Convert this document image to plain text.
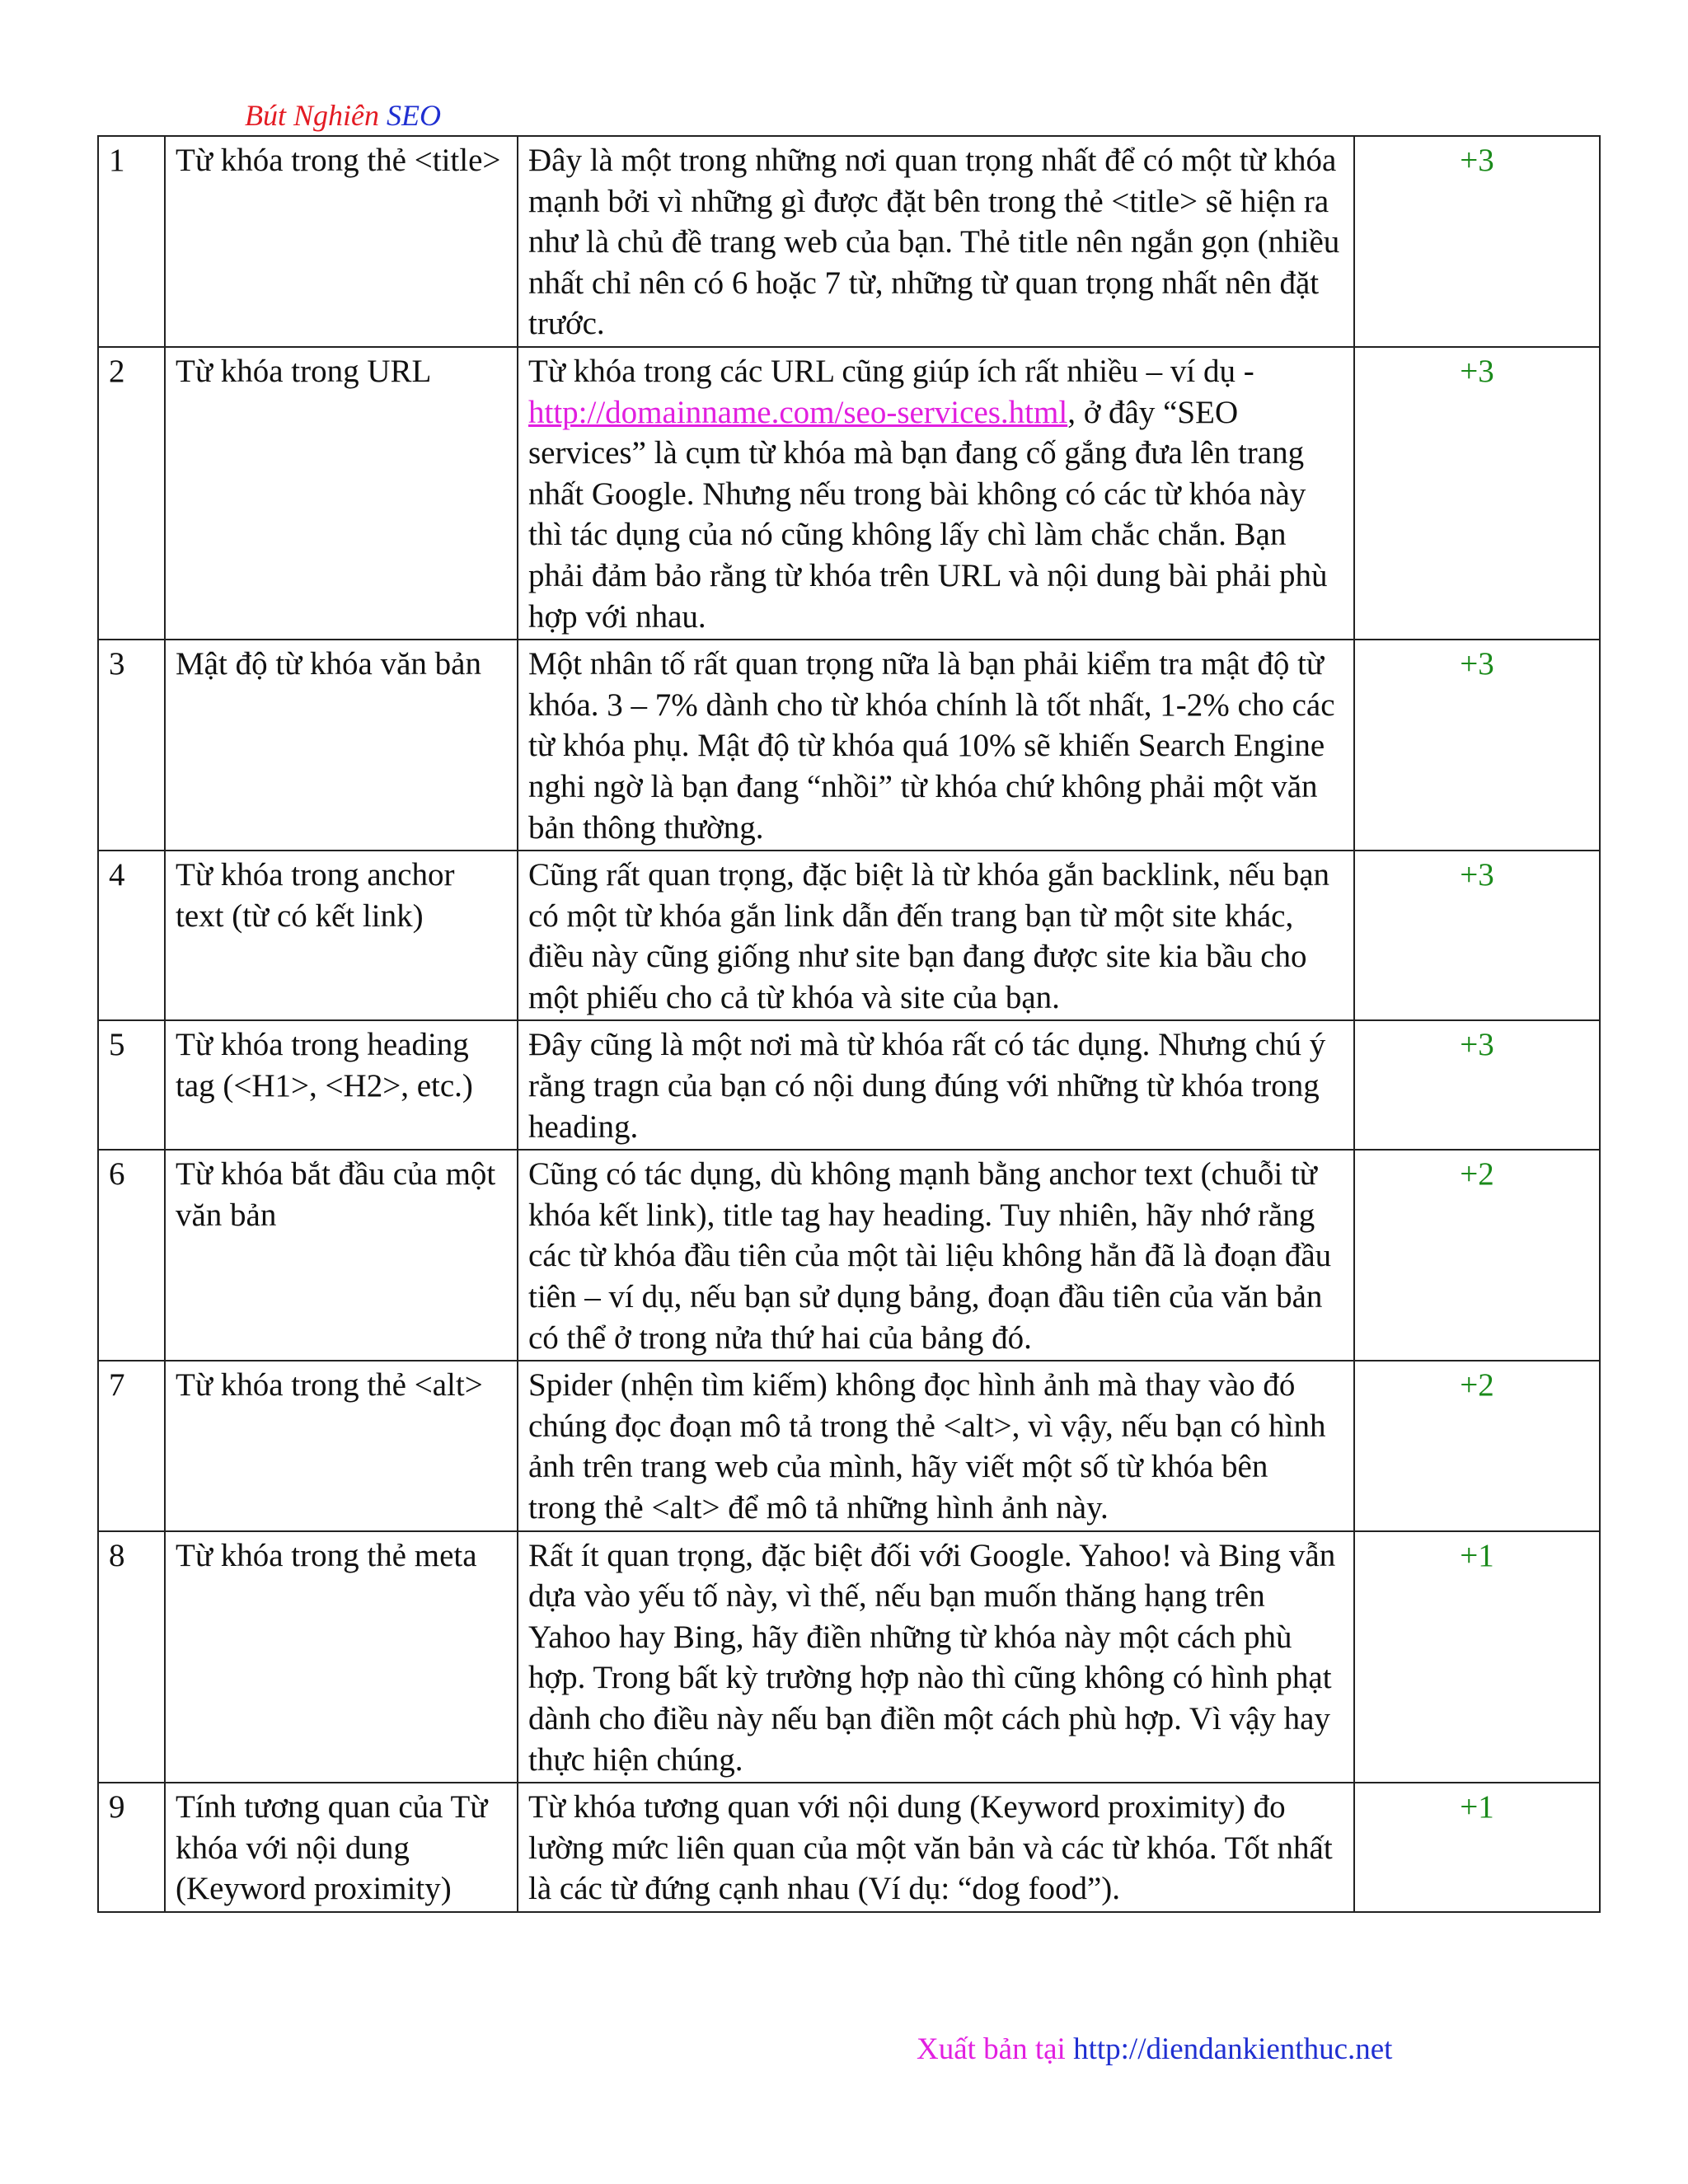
Bút Nghiên SEO
1	Từ khóa trong thẻ <title>	Đây là một trong những nơi quan trọng nhất để có một từ khóa mạnh bởi vì những gì được đặt bên trong thẻ <title> sẽ hiện ra như là chủ đề trang web của bạn. Thẻ title nên ngắn gọn (nhiều nhất chỉ nên có 6 hoặc 7 từ, những từ quan trọng nhất nên đặt trước.	+3
2	Từ khóa trong URL	Từ khóa trong các URL cũng giúp ích rất nhiều – ví dụ - http://domainname.com/seo-services.html, ở đây “SEO services” là cụm từ khóa mà bạn đang cố gắng đưa lên trang nhất Google. Nhưng nếu trong bài không có các từ khóa này thì tác dụng của nó cũng không lấy chì làm chắc chắn. Bạn phải đảm bảo rằng từ khóa trên URL và nội dung bài phải phù hợp với nhau.	+3
3	Mật độ từ khóa văn bản	Một nhân tố rất quan trọng nữa là bạn phải kiểm tra mật độ từ khóa. 3 – 7% dành cho từ khóa chính là tốt nhất, 1-2% cho các từ khóa phụ. Mật độ từ khóa quá 10% sẽ khiến Search Engine nghi ngờ là bạn đang “nhồi” từ khóa chứ không phải một văn bản thông thường.	+3
4	Từ khóa trong anchor text (từ có kết link)	Cũng rất quan trọng, đặc biệt là từ khóa gắn backlink, nếu bạn có một từ khóa gắn link dẫn đến trang bạn từ một site khác, điều này cũng giống như site bạn đang được site kia bầu cho một phiếu cho cả từ khóa và site của bạn.	+3
5	Từ khóa trong heading tag (<H1>, <H2>, etc.)	Đây cũng là một nơi mà từ khóa rất có tác dụng. Nhưng chú ý rằng tragn của bạn có nội dung đúng với những từ khóa trong heading.	+3
6	Từ khóa bắt đầu của một văn bản	Cũng có tác dụng, dù không mạnh bằng anchor text (chuỗi từ khóa kết link), title tag hay heading. Tuy nhiên, hãy nhớ rằng các từ khóa đầu tiên của một tài liệu không hẳn đã là đoạn đầu tiên – ví dụ, nếu bạn sử dụng bảng, đoạn đầu tiên của văn bản có thể ở trong nửa thứ hai của bảng đó.	+2
7	Từ khóa trong thẻ <alt>	Spider (nhện tìm kiếm) không đọc hình ảnh mà thay vào đó chúng đọc đoạn mô tả trong thẻ <alt>, vì vậy, nếu bạn có hình ảnh trên trang web của mình, hãy viết một số từ khóa bên trong thẻ <alt> để mô tả những hình ảnh này.	+2
8	Từ khóa trong thẻ meta	Rất ít quan trọng, đặc biệt đối với Google. Yahoo! và Bing vẫn dựa vào yếu tố này, vì thế, nếu bạn muốn thăng hạng trên Yahoo hay Bing, hãy điền những từ khóa này một cách phù hợp. Trong bất kỳ trường hợp nào thì cũng không có hình phạt dành cho điều này nếu bạn điền một cách phù hợp. Vì vậy hay thực hiện chúng.	+1
9	Tính tương quan của Từ khóa với nội dung (Keyword proximity)	Từ khóa tương quan với nội dung (Keyword proximity) đo lường mức liên quan của một văn bản và các từ khóa. Tốt nhất là các từ đứng cạnh nhau (Ví dụ: “dog food”).	+1
Xuất bản tại http://diendankienthuc.net
